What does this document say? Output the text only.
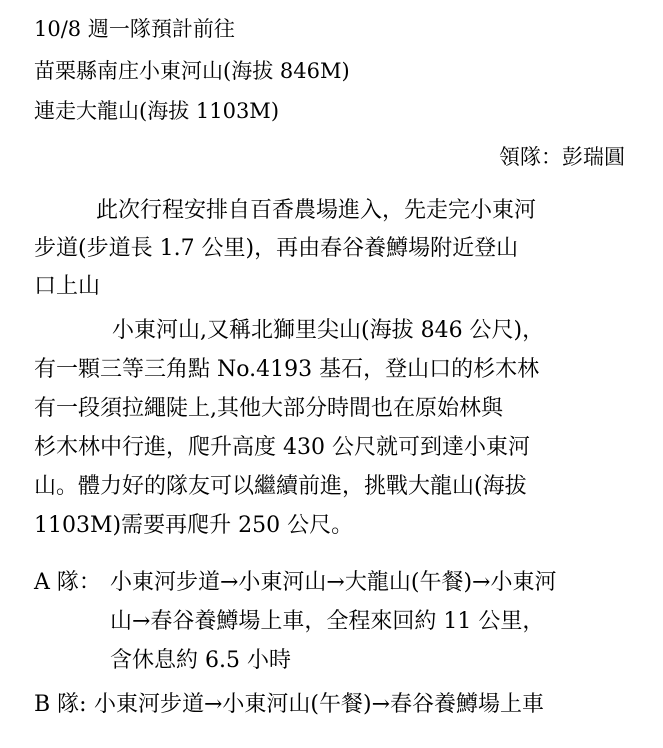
10/8 週一隊預計前往
苗栗縣南庄小東河山(海拔 846M)
連走大龍山(海拔 1103M)
領隊：彭瑞圓
此次行程安排自百香農場進入，先走完小東河
步道(步道長 1.7 公里)，再由春谷養鱒場附近登山
口上山
小東河山,又稱北獅里尖山(海拔 846 公尺)，
有一顆三等三角點 No.4193 基石，登山口的杉木林
有一段須拉繩陡上,其他大部分時間也在原始林與
杉木林中行進，爬升高度 430 公尺就可到達小東河
山。體力好的隊友可以繼續前進，挑戰大龍山(海拔
1103M)需要再爬升 250 公尺。
A 隊： 小東河步道→小東河山→大龍山(午餐)→小東河
山→春谷養鱒場上車，全程來回約 11 公里，
含休息約 6.5 小時
B 隊: 小東河步道→小東河山(午餐)→春谷養鱒場上車
